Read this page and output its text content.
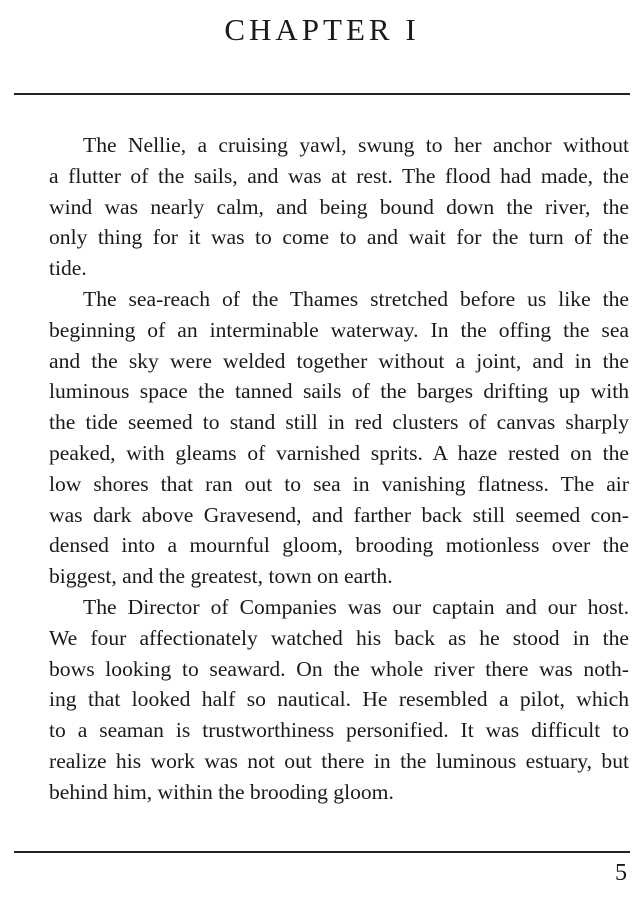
CHAPTER I
The Nellie, a cruising yawl, swung to her anchor without
a flutter of the sails, and was at rest. The flood had made, the
wind was nearly calm, and being bound down the river, the
only thing for it was to come to and wait for the turn of the
tide.
The sea-reach of the Thames stretched before us like the
beginning of an interminable waterway. In the offing the sea
and the sky were welded together without a joint, and in the
luminous space the tanned sails of the barges drifting up with
the tide seemed to stand still in red clusters of canvas sharply
peaked, with gleams of varnished sprits. A haze rested on the
low shores that ran out to sea in vanishing flatness. The air
was dark above Gravesend, and farther back still seemed con-
densed into a mournful gloom, brooding motionless over the
biggest, and the greatest, town on earth.
The Director of Companies was our captain and our host.
We four affectionately watched his back as he stood in the
bows looking to seaward. On the whole river there was noth-
ing that looked half so nautical. He resembled a pilot, which
to a seaman is trustworthiness personified. It was difficult to
realize his work was not out there in the luminous estuary, but
behind him, within the brooding gloom.
5
